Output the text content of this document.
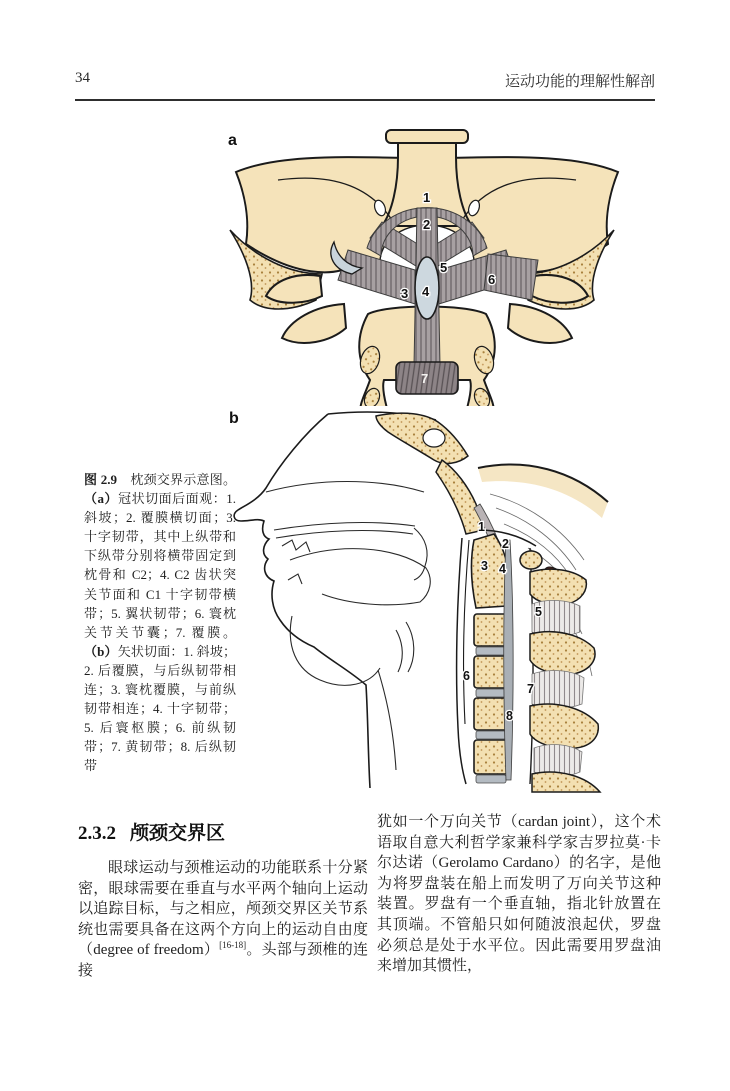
34	运动功能的理解性解剖
a
1
2
3 4
5
6
7
b
1
2
3 4
5
6
7
8
图 2.9　枕颈交界示意图。（a）冠状切面后面观：1. 斜坡；2. 覆膜横切面；3. 十字韧带，其中上纵带和下纵带分别将横带固定到枕骨和 C2；4. C2 齿状突关节面和 C1 十字韧带横带；5. 翼状韧带；6. 寰枕关节关节囊；7. 覆膜。（b）矢状切面：1. 斜坡；2. 后覆膜，与后纵韧带相连；3. 寰枕覆膜，与前纵韧带相连；4. 十字韧带；5. 后寰枢膜；6. 前纵韧带；7. 黄韧带；8. 后纵韧带
2.3.2 颅颈交界区

眼球运动与颈椎运动的功能联系十分紧密，眼球需要在垂直与水平两个轴向上运动以追踪目标，与之相应，颅颈交界区关节系统也需要具备在这两个方向上的运动自由度（degree of freedom）[16-18]。头部与颈椎的连接

犹如一个万向关节（cardan joint），这个术语取自意大利哲学家兼科学家吉罗拉莫·卡尔达诺（Gerolamo Cardano）的名字，是他为将罗盘装在船上而发明了万向关节这种装置。罗盘有一个垂直轴，指北针放置在其顶端。不管船只如何随波浪起伏，罗盘必须总是处于水平位。因此需要用罗盘油来增加其惯性，
